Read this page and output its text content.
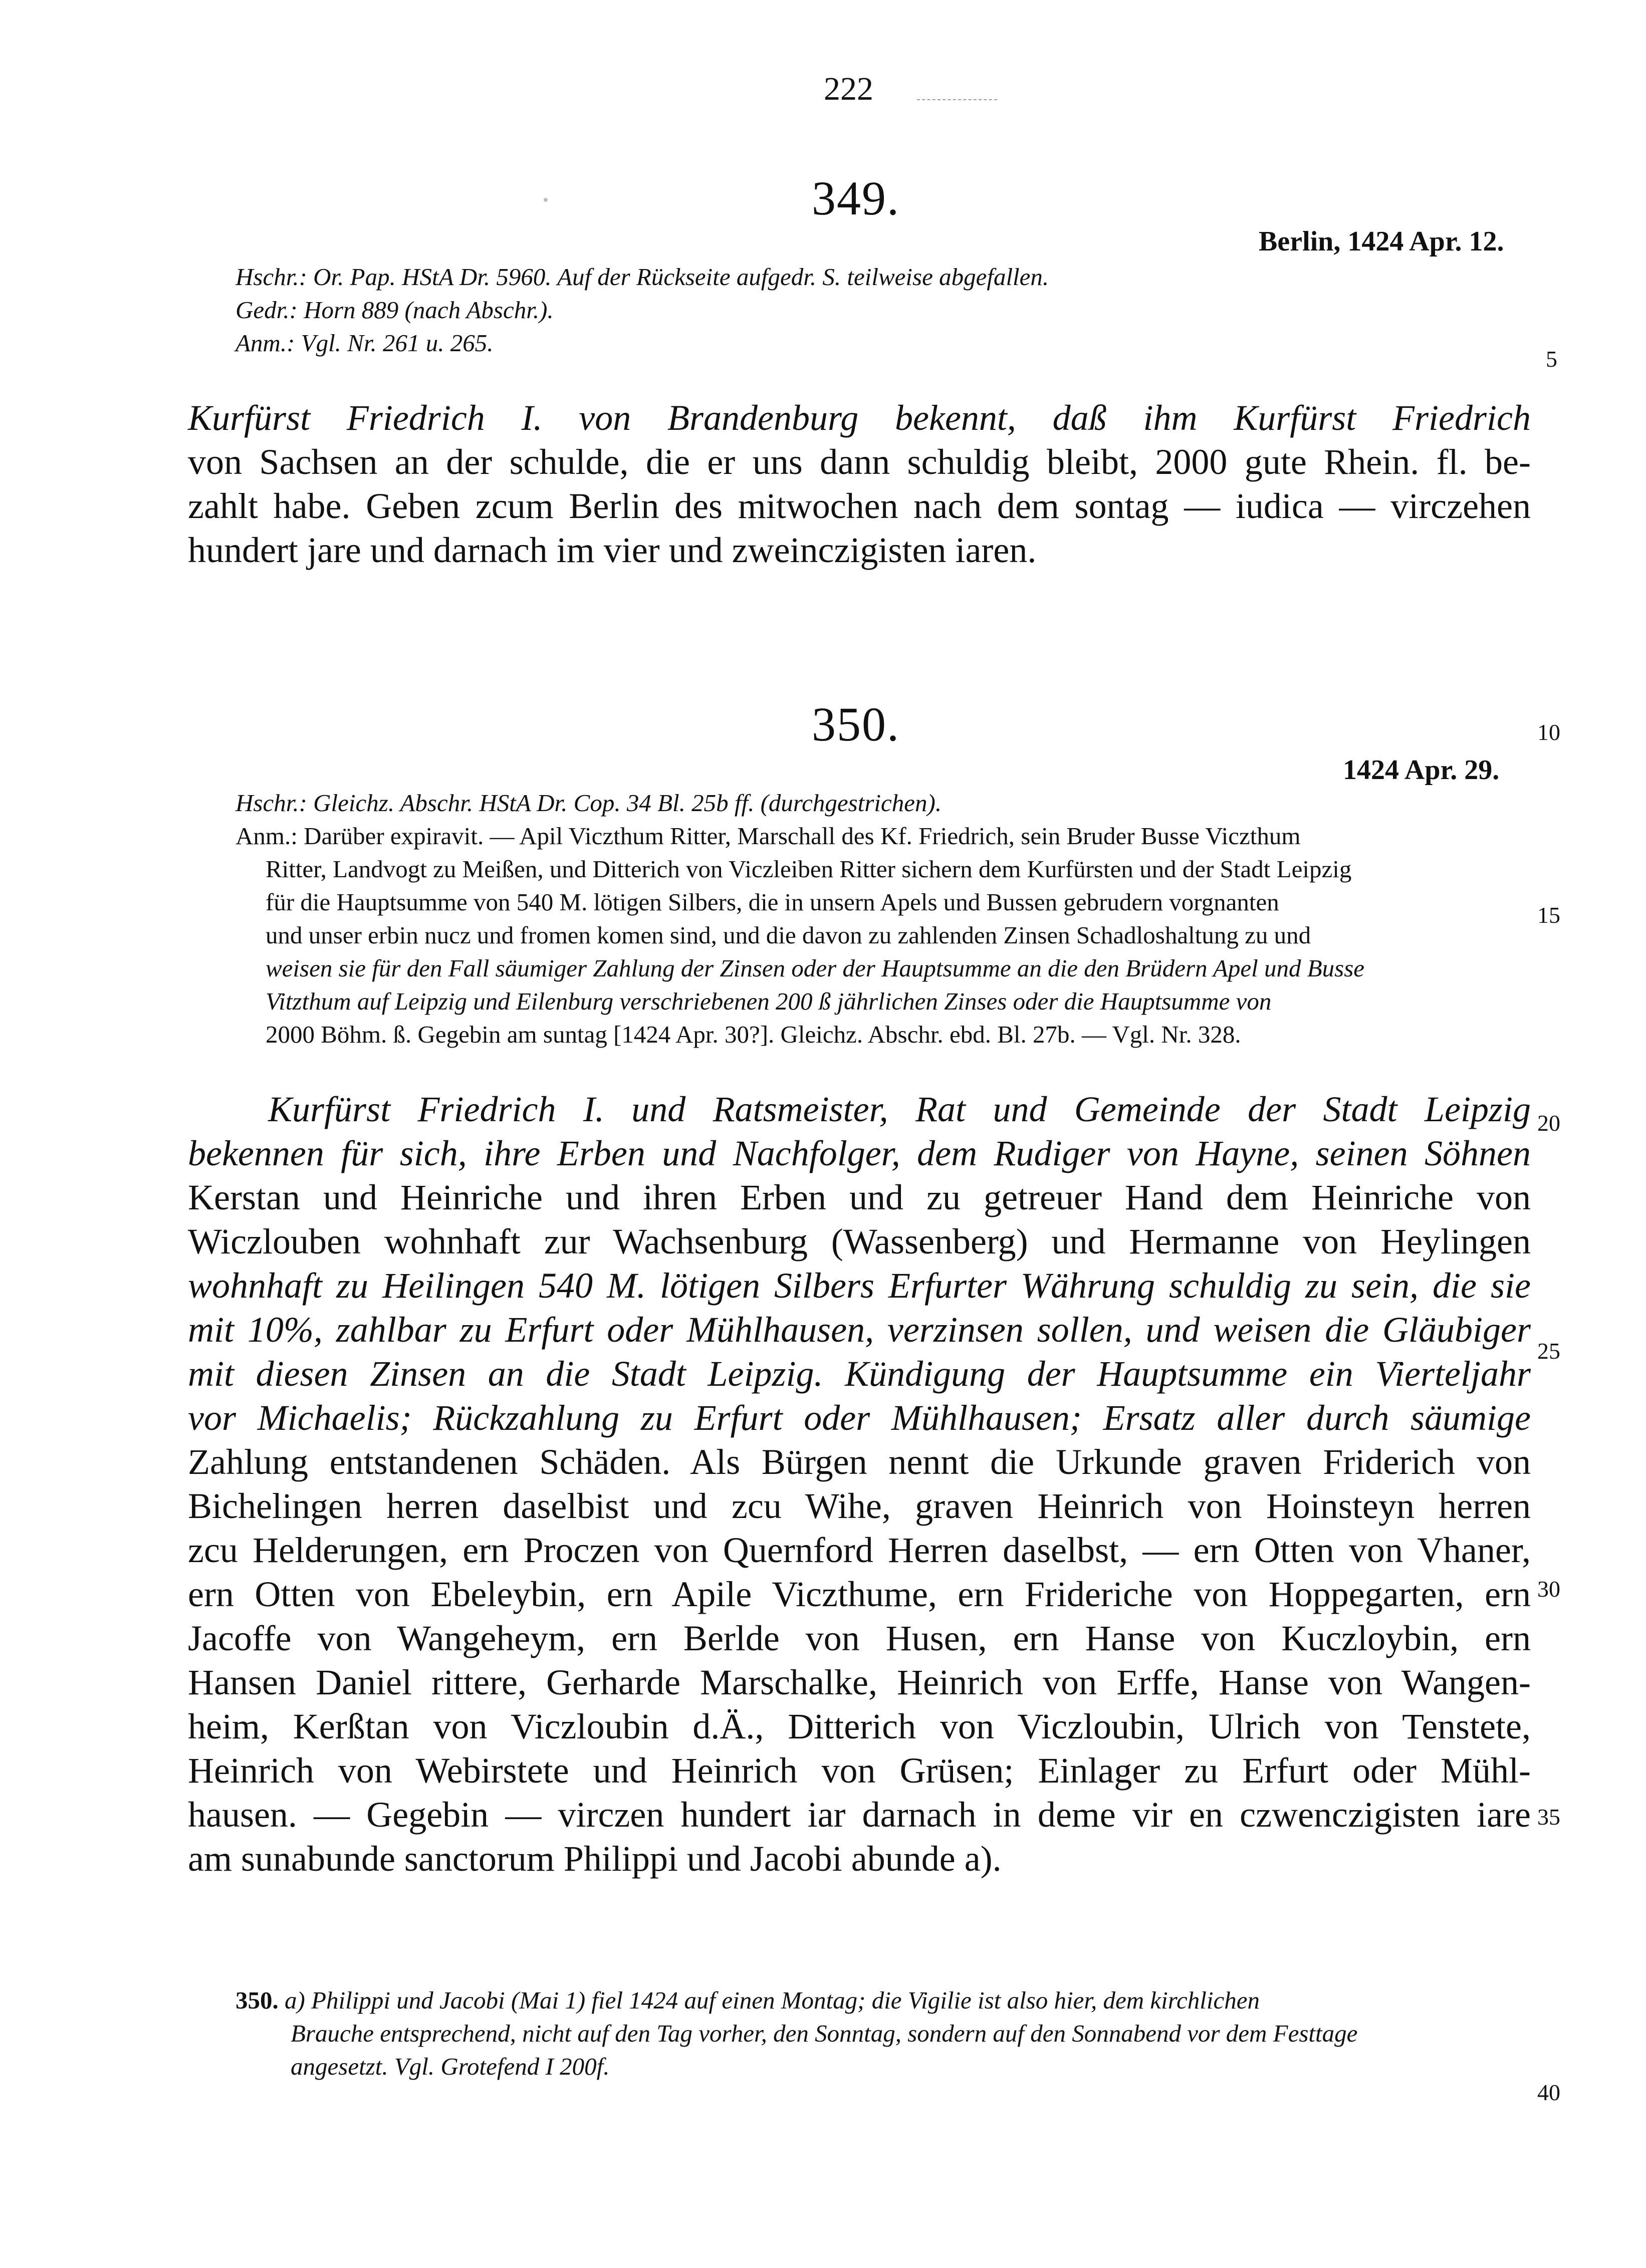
222
349.
Berlin, 1424 Apr. 12.
Hschr.: Or. Pap. HStA Dr. 5960. Auf der Rückseite aufgedr. S. teilweise abgefallen.
Gedr.: Horn 889 (nach Abschr.).
Anm.: Vgl. Nr. 261 u. 265.
Kurfürst Friedrich I. von Brandenburg bekennt, daß ihm Kurfürst Friedrich
von Sachsen an der schulde, die er uns dann schuldig bleibt, 2000 gute Rhein. fl. be-
zahlt habe. Geben zcum Berlin des mitwochen nach dem sontag — iudica — virczehen
hundert jare und darnach im vier und zweinczigisten iaren.
350.
1424 Apr. 29.
Hschr.: Gleichz. Abschr. HStA Dr. Cop. 34 Bl. 25b ff. (durchgestrichen).
Anm.: Darüber expiravit. — Apil Viczthum Ritter, Marschall des Kf. Friedrich, sein Bruder Busse Viczthum
Ritter, Landvogt zu Meißen, und Ditterich von Viczleiben Ritter sichern dem Kurfürsten und der Stadt Leipzig
für die Hauptsumme von 540 M. lötigen Silbers, die in unsern Apels und Bussen gebrudern vorgnanten
und unser erbin nucz und fromen komen sind, und die davon zu zahlenden Zinsen Schadloshaltung zu und
weisen sie für den Fall säumiger Zahlung der Zinsen oder der Hauptsumme an die den Brüdern Apel und Busse
Vitzthum auf Leipzig und Eilenburg verschriebenen 200 ß jährlichen Zinses oder die Hauptsumme von
2000 Böhm. ß. Gegebin am suntag [1424 Apr. 30?]. Gleichz. Abschr. ebd. Bl. 27b. — Vgl. Nr. 328.
Kurfürst Friedrich I. und Ratsmeister, Rat und Gemeinde der Stadt Leipzig
bekennen für sich, ihre Erben und Nachfolger, dem Rudiger von Hayne, seinen Söhnen
Kerstan und Heinriche und ihren Erben und zu getreuer Hand dem Heinriche von
Wiczlouben wohnhaft zur Wachsenburg (Wassenberg) und Hermanne von Heylingen
wohnhaft zu Heilingen 540 M. lötigen Silbers Erfurter Währung schuldig zu sein, die sie
mit 10%, zahlbar zu Erfurt oder Mühlhausen, verzinsen sollen, und weisen die Gläubiger
mit diesen Zinsen an die Stadt Leipzig. Kündigung der Hauptsumme ein Vierteljahr
vor Michaelis; Rückzahlung zu Erfurt oder Mühlhausen; Ersatz aller durch säumige
Zahlung entstandenen Schäden. Als Bürgen nennt die Urkunde graven Friderich von
Bichelingen herren daselbist und zcu Wihe, graven Heinrich von Hoinsteyn herren
zcu Helderungen, ern Proczen von Quernford Herren daselbst, — ern Otten von Vhaner,
ern Otten von Ebeleybin, ern Apile Viczthume, ern Frideriche von Hoppegarten, ern
Jacoffe von Wangeheym, ern Berlde von Husen, ern Hanse von Kuczloybin, ern
Hansen Daniel rittere, Gerharde Marschalke, Heinrich von Erffe, Hanse von Wangen-
heim, Kerßtan von Viczloubin d.Ä., Ditterich von Viczloubin, Ulrich von Tenstete,
Heinrich von Webirstete und Heinrich von Grüsen; Einlager zu Erfurt oder Mühl-
hausen. — Gegebin — virczen hundert iar darnach in deme vir en czwenczigisten iare
am sunabunde sanctorum Philippi und Jacobi abunde a).
350. a) Philippi und Jacobi (Mai 1) fiel 1424 auf einen Montag; die Vigilie ist also hier, dem kirchlichen
Brauche entsprechend, nicht auf den Tag vorher, den Sonntag, sondern auf den Sonnabend vor dem Festtage
angesetzt. Vgl. Grotefend I 200f.
5
10
15
20
25
30
35
40
